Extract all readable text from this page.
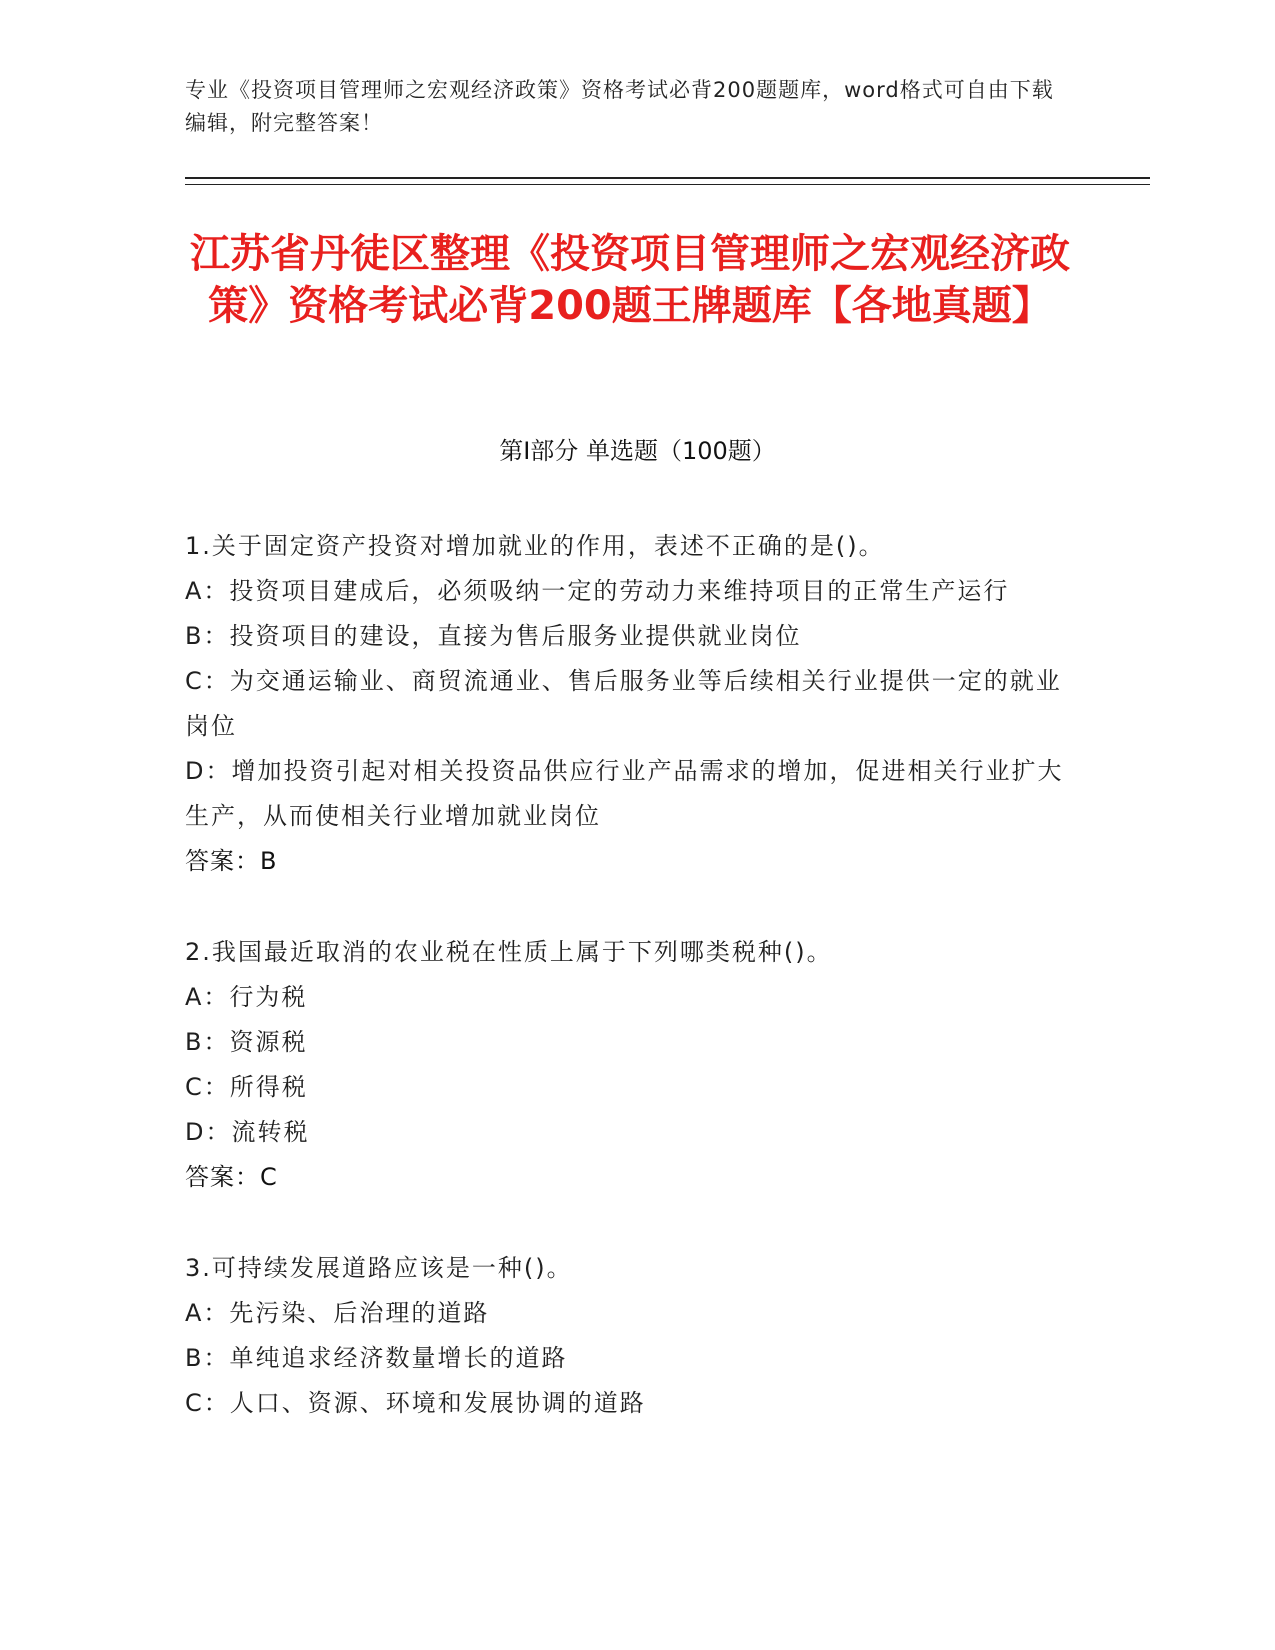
专业《投资项目管理师之宏观经济政策》资格考试必背200题题库，word格式可自由下载编辑，附完整答案！
江苏省丹徒区整理《投资项目管理师之宏观经济政策》资格考试必背200题王牌题库【各地真题】
第I部分 单选题（100题）

1.关于固定资产投资对增加就业的作用，表述不正确的是()。

A：投资项目建成后，必须吸纳一定的劳动力来维持项目的正常生产运行

B：投资项目的建设，直接为售后服务业提供就业岗位

C：为交通运输业、商贸流通业、售后服务业等后续相关行业提供一定的就业岗位

D：增加投资引起对相关投资品供应行业产品需求的增加，促进相关行业扩大生产，从而使相关行业增加就业岗位

答案：B

2.我国最近取消的农业税在性质上属于下列哪类税种()。

A：行为税

B：资源税

C：所得税

D：流转税

答案：C

3.可持续发展道路应该是一种()。

A：先污染、后治理的道路

B：单纯追求经济数量增长的道路

C：人口、资源、环境和发展协调的道路
